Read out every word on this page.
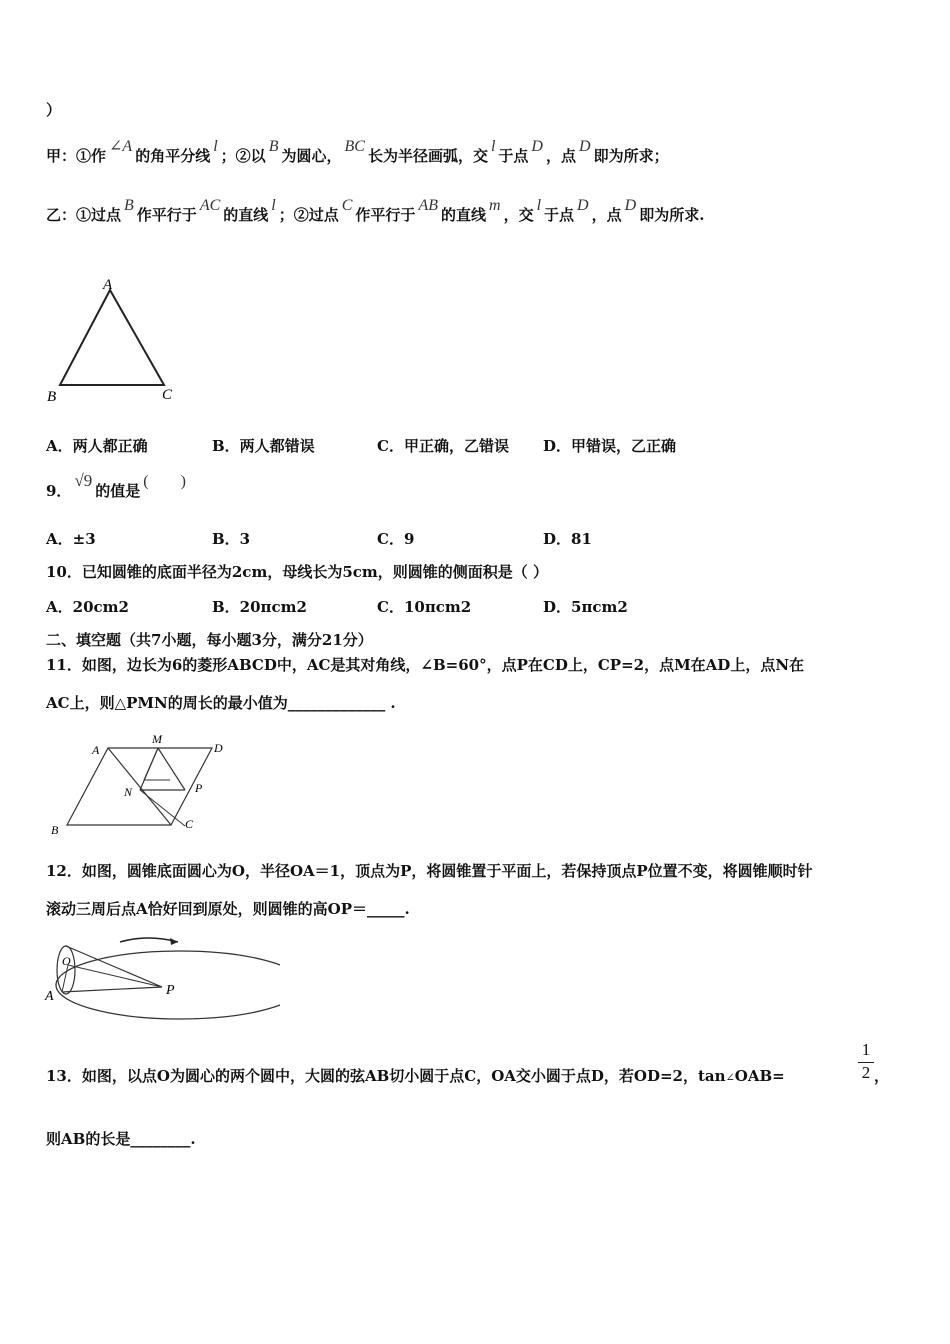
）
甲：①作∠A的角平分线l；②以B为圆心，BC长为半径画弧，交l于点D，点D即为所求；
乙：①过点B作平行于AC的直线l；②过点C作平行于AB的直线m，交l于点D，点D即为所求.
A
B	C
A．两人都正确	B．两人都错误	C．甲正确，乙错误 D．甲错误，乙正确
9．√9的值是(　　)
A．±3	B．3	C．9	D．81
10．已知圆锥的底面半径为2cm，母线长为5cm，则圆锥的侧面积是（ ）
A．20cm2	B．20πcm2	C．10πcm2	D．5πcm2
二、填空题（共7小题，每小题3分，满分21分）
11．如图，边长为6的菱形ABCD中，AC是其对角线，∠B=60°，点P在CD上，CP=2，点M在AD上，点N在
AC上，则△PMN的周长的最小值为_____________ .
A
M
D
N	P
B	C
12．如图，圆锥底面圆心为O，半径OA＝1，顶点为P，将圆锥置于平面上，若保持顶点P位置不变，将圆锥顺时针
滚动三周后点A恰好回到原处，则圆锥的高OP＝_____.
O
A	P
13．如图，以点O为圆心的两个圆中，大圆的弦AB切小圆于点C，OA交小圆于点D，若OD=2，tan∠OAB=	$\frac{1}{2}$ ，
则AB的长是________.
